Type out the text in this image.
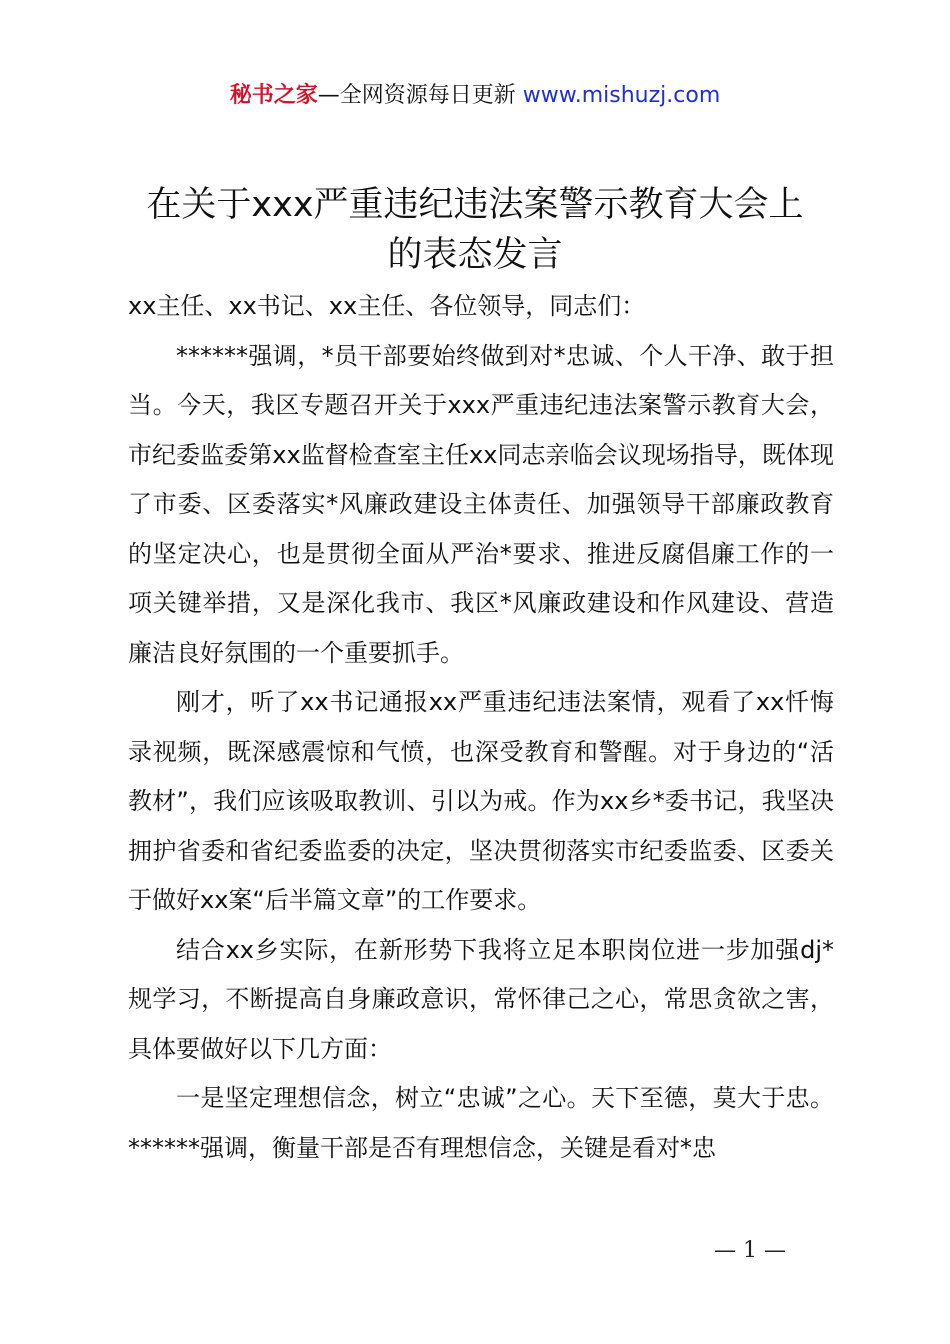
秘书之家—全网资源每日更新 www.mishuzj.com
在关于xxx严重违纪违法案警示教育大会上
的表态发言

xx主任、xx书记、xx主任、各位领导，同志们：

******强调，*员干部要始终做到对*忠诚、个人干净、敢于担当。今天，我区专题召开关于xxx严重违纪违法案警示教育大会，市纪委监委第xx监督检查室主任xx同志亲临会议现场指导，既体现了市委、区委落实*风廉政建设主体责任、加强领导干部廉政教育的坚定决心，也是贯彻全面从严治*要求、推进反腐倡廉工作的一项关键举措，又是深化我市、我区*风廉政建设和作风建设、营造廉洁良好氛围的一个重要抓手。

刚才，听了xx书记通报xx严重违纪违法案情，观看了xx忏悔录视频，既深感震惊和气愤，也深受教育和警醒。对于身边的“活教材”，我们应该吸取教训、引以为戒。作为xx乡*委书记，我坚决拥护省委和省纪委监委的决定，坚决贯彻落实市纪委监委、区委关于做好xx案“后半篇文章”的工作要求。

结合xx乡实际，在新形势下我将立足本职岗位进一步加强dj*规学习，不断提高自身廉政意识，常怀律己之心，常思贪欲之害，具体要做好以下几方面：

一是坚定理想信念，树立“忠诚”之心。天下至德，莫大于忠。******强调，衡量干部是否有理想信念，关键是看对*忠

— 1 —
